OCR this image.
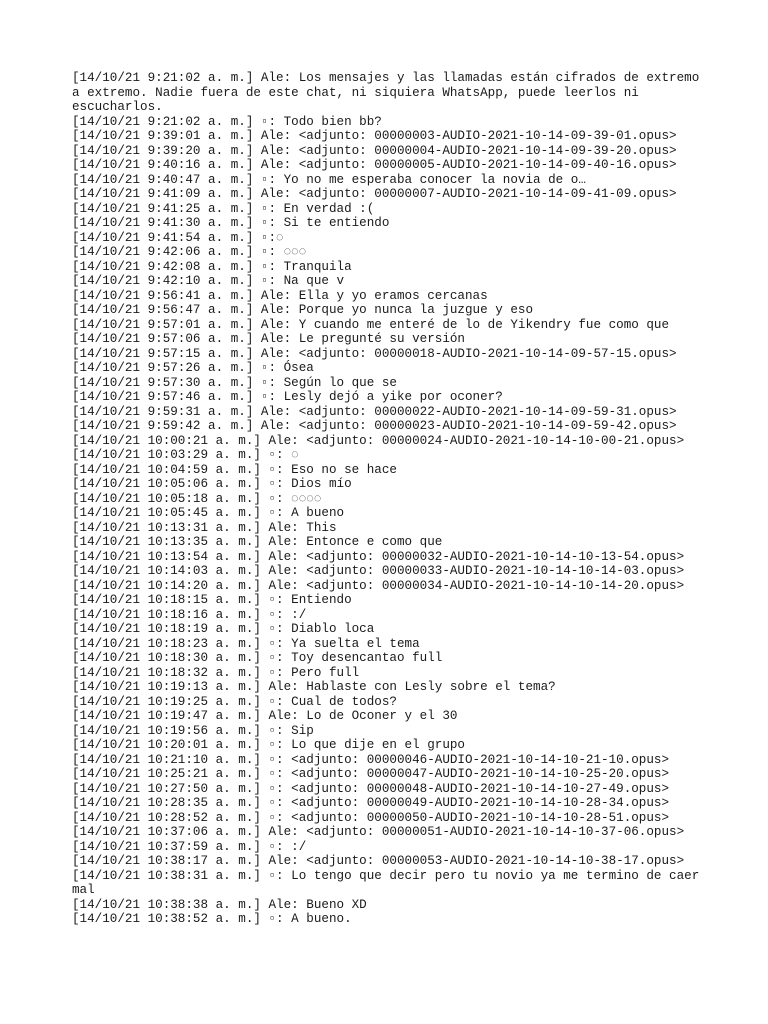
[14/10/21 9:21:02 a. m.] Ale: Los mensajes y las llamadas están cifrados de extremo a extremo. Nadie fuera de este chat, ni siquiera WhatsApp, puede leerlos ni escucharlos.
[14/10/21 9:21:02 a. m.] ▫: Todo bien bb?
[14/10/21 9:39:01 a. m.] Ale: <adjunto: 00000003-AUDIO-2021-10-14-09-39-01.opus>
[14/10/21 9:39:20 a. m.] Ale: <adjunto: 00000004-AUDIO-2021-10-14-09-39-20.opus>
[14/10/21 9:40:16 a. m.] Ale: <adjunto: 00000005-AUDIO-2021-10-14-09-40-16.opus>
[14/10/21 9:40:47 a. m.] ▫: Yo no me esperaba conocer la novia de o…
[14/10/21 9:41:09 a. m.] Ale: <adjunto: 00000007-AUDIO-2021-10-14-09-41-09.opus>
[14/10/21 9:41:25 a. m.] ▫: En verdad :(
[14/10/21 9:41:30 a. m.] ▫: Si te entiendo
[14/10/21 9:41:54 a. m.] ▫:◌
[14/10/21 9:42:06 a. m.] ▫: ◌◌◌
[14/10/21 9:42:08 a. m.] ▫: Tranquila
[14/10/21 9:42:10 a. m.] ▫: Na que v
[14/10/21 9:56:41 a. m.] Ale: Ella y yo eramos cercanas
[14/10/21 9:56:47 a. m.] Ale: Porque yo nunca la juzgue y eso
[14/10/21 9:57:01 a. m.] Ale: Y cuando me enteré de lo de Yikendry fue como que
[14/10/21 9:57:06 a. m.] Ale: Le pregunté su versión
[14/10/21 9:57:15 a. m.] Ale: <adjunto: 00000018-AUDIO-2021-10-14-09-57-15.opus>
[14/10/21 9:57:26 a. m.] ▫: Ósea
[14/10/21 9:57:30 a. m.] ▫: Según lo que se
[14/10/21 9:57:46 a. m.] ▫: Lesly dejó a yike por oconer?
[14/10/21 9:59:31 a. m.] Ale: <adjunto: 00000022-AUDIO-2021-10-14-09-59-31.opus>
[14/10/21 9:59:42 a. m.] Ale: <adjunto: 00000023-AUDIO-2021-10-14-09-59-42.opus>
[14/10/21 10:00:21 a. m.] Ale: <adjunto: 00000024-AUDIO-2021-10-14-10-00-21.opus>
[14/10/21 10:03:29 a. m.] ▫: ◌
[14/10/21 10:04:59 a. m.] ▫: Eso no se hace
[14/10/21 10:05:06 a. m.] ▫: Dios mío
[14/10/21 10:05:18 a. m.] ▫: ◌◌◌◌
[14/10/21 10:05:45 a. m.] ▫: A bueno
[14/10/21 10:13:31 a. m.] Ale: This
[14/10/21 10:13:35 a. m.] Ale: Entonce e como que
[14/10/21 10:13:54 a. m.] Ale: <adjunto: 00000032-AUDIO-2021-10-14-10-13-54.opus>
[14/10/21 10:14:03 a. m.] Ale: <adjunto: 00000033-AUDIO-2021-10-14-10-14-03.opus>
[14/10/21 10:14:20 a. m.] Ale: <adjunto: 00000034-AUDIO-2021-10-14-10-14-20.opus>
[14/10/21 10:18:15 a. m.] ▫: Entiendo
[14/10/21 10:18:16 a. m.] ▫: :/
[14/10/21 10:18:19 a. m.] ▫: Diablo loca
[14/10/21 10:18:23 a. m.] ▫: Ya suelta el tema
[14/10/21 10:18:30 a. m.] ▫: Toy desencantao full
[14/10/21 10:18:32 a. m.] ▫: Pero full
[14/10/21 10:19:13 a. m.] Ale: Hablaste con Lesly sobre el tema?
[14/10/21 10:19:25 a. m.] ▫: Cual de todos?
[14/10/21 10:19:47 a. m.] Ale: Lo de Oconer y el 30
[14/10/21 10:19:56 a. m.] ▫: Sip
[14/10/21 10:20:01 a. m.] ▫: Lo que dije en el grupo
[14/10/21 10:21:10 a. m.] ▫: <adjunto: 00000046-AUDIO-2021-10-14-10-21-10.opus>
[14/10/21 10:25:21 a. m.] ▫: <adjunto: 00000047-AUDIO-2021-10-14-10-25-20.opus>
[14/10/21 10:27:50 a. m.] ▫: <adjunto: 00000048-AUDIO-2021-10-14-10-27-49.opus>
[14/10/21 10:28:35 a. m.] ▫: <adjunto: 00000049-AUDIO-2021-10-14-10-28-34.opus>
[14/10/21 10:28:52 a. m.] ▫: <adjunto: 00000050-AUDIO-2021-10-14-10-28-51.opus>
[14/10/21 10:37:06 a. m.] Ale: <adjunto: 00000051-AUDIO-2021-10-14-10-37-06.opus>
[14/10/21 10:37:59 a. m.] ▫: :/
[14/10/21 10:38:17 a. m.] Ale: <adjunto: 00000053-AUDIO-2021-10-14-10-38-17.opus>
[14/10/21 10:38:31 a. m.] ▫: Lo tengo que decir pero tu novio ya me termino de caer mal
[14/10/21 10:38:38 a. m.] Ale: Bueno XD
[14/10/21 10:38:52 a. m.] ▫: A bueno.
